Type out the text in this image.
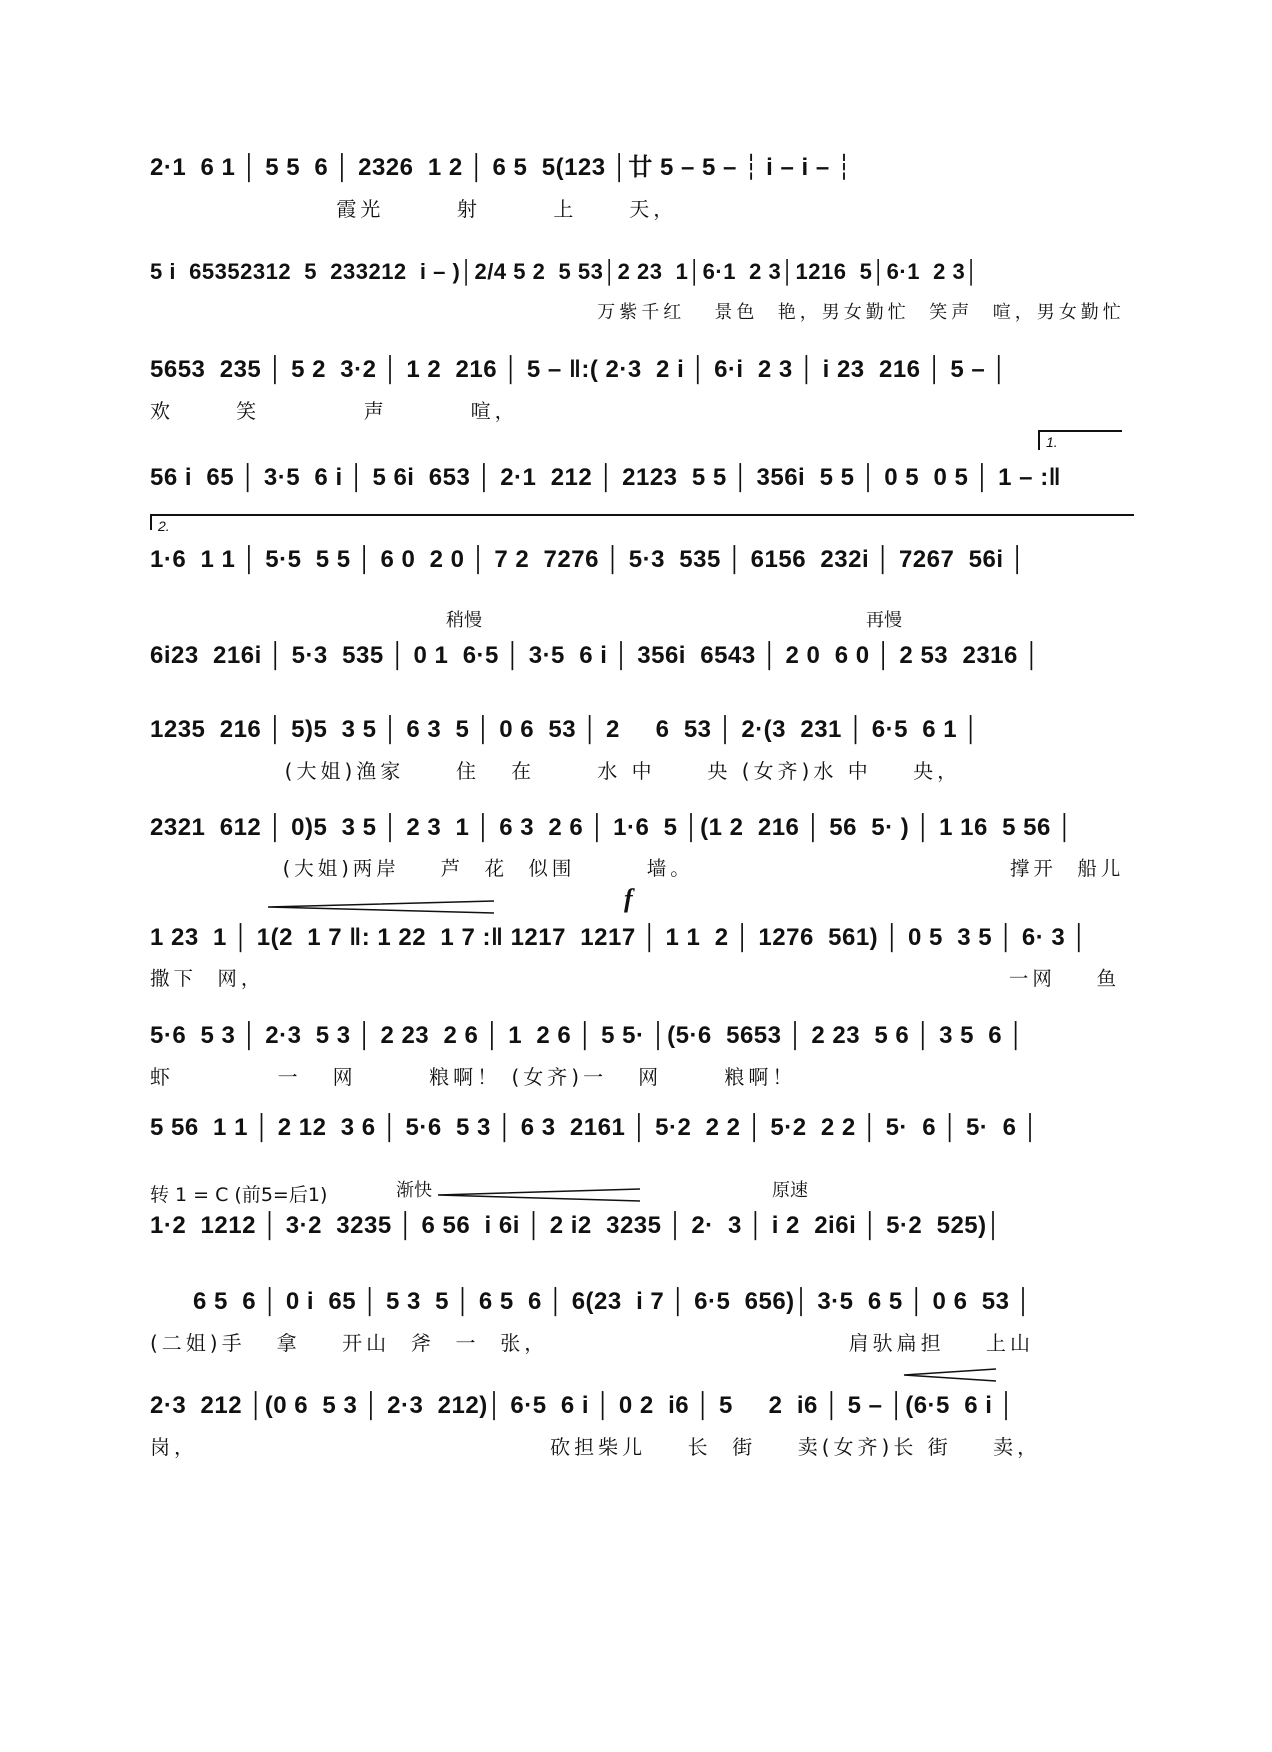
2·1  6 1 │ 5 5  6 │ 2326  1 2 │ 6 5  5(123 │廿 5 – 5 – ┆ i – i – ┆
霞光       射       上     天，
5 i  65352312  5  233212  i – )│2/4 5 2  5 53│2 23  1│6·1  2 3│1216  5│6·1  2 3│
万紫千红   景色  艳，男女勤忙  笑声  喧，男女勤忙
5653  235 │ 5 2  3·2 │ 1 2  216 │ 5 – ‖:( 2·3  2 i │ 6·i  2 3 │ i 23  216 │ 5 – │
欢      笑          声        喧，
1.
56 i  65 │ 3·5  6 i │ 5 6i  653 │ 2·1  212 │ 2123  5 5 │ 356i  5 5 │ 0 5  0 5 │ 1 – :‖
2.
1·6  1 1 │ 5·5  5 5 │ 6 0  2 0 │ 7 2  7276 │ 5·3  535 │ 6156  232i │ 7267  56i │
稍慢	再慢
6i23  216i │ 5·3  535 │ 0 1  6·5 │ 3·5  6 i │ 356i  6543 │ 2 0  6 0 │ 2 53  2316 │
1235  216 │ 5)5  3 5 │ 6 3  5 │ 0 6  53 │ 2     6  53 │ 2·(3  231 │ 6·5  6 1 │
(大姐)渔家     住   在      水 中     央 (女齐)水 中    央，
2321  612 │ 0)5  3 5 │ 2 3  1 │ 6 3  2 6 │ 1·6  5 │(1 2  216 │ 56  5· ) │ 1 16  5 56 │
(大姐)两岸    芦  花  似围       墙。                               撑开  船儿
f
1 23  1 │ 1(2  1 7 ‖: 1 22  1 7 :‖ 1217  1217 │ 1 1  2 │ 1276  561) │ 0 5  3 5 │ 6· 3 │
撒下  网，                                                                         一网    鱼
5·6  5 3 │ 2·3  5 3 │ 2 23  2 6 │ 1  2 6 │ 5 5· │(5·6  5653 │ 2 23  5 6 │ 3 5  6 │
虾          一   网       粮啊！ (女齐)一   网      粮啊！
5 56  1 1 │ 2 12  3 6 │ 5·6  5 3 │ 6 3  2161 │ 5·2  2 2 │ 5·2  2 2 │ 5·  6 │ 5·  6 │
转 1 = C (前5=后1)	渐快	原速
1·2  1212 │ 3·2  3235 │ 6 56  i 6i │ 2 i2  3235 │ 2·  3 │ i 2  2i6i │ 5·2  525)│
6 5  6 │ 0 i  65 │ 5 3  5 │ 6 5  6 │ 6(23  i 7 │ 6·5  656)│ 3·5  6 5 │ 0 6  53 │
(二姐)手   拿    开山  斧  一  张，                             肩驮扁担    上山
2·3  212 │(0 6  5 3 │ 2·3  212)│ 6·5  6 i │ 0 2  i6 │ 5     2  i6 │ 5 – │(6·5  6 i │
岗，                                  砍担柴儿    长  街    卖(女齐)长 街    卖，
